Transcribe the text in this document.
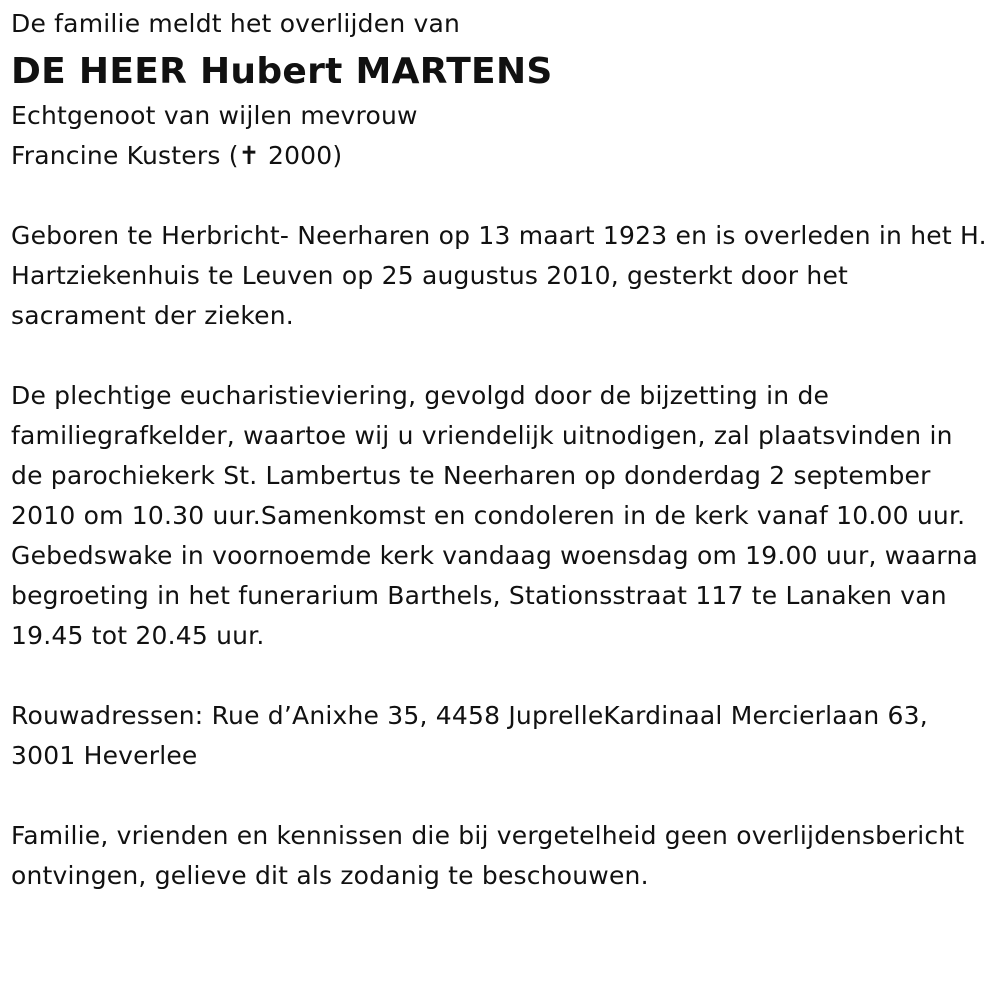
De familie meldt het overlijden van

DE HEER Hubert MARTENS

Echtgenoot van wijlen mevrouw

Francine Kusters (✝ 2000)

Geboren te Herbricht- Neerharen op 13 maart 1923 en is overleden in het H. Hartziekenhuis te Leuven op 25 augustus 2010, gesterkt door het sacrament der zieken.

De plechtige eucharistieviering, gevolgd door de bijzetting in de familiegrafkelder, waartoe wij u vriendelijk uitnodigen, zal plaatsvinden in de parochiekerk St. Lambertus te Neerharen op donderdag 2 september 2010 om 10.30 uur.Samenkomst en condoleren in de kerk vanaf 10.00 uur.

Gebedswake in voornoemde kerk vandaag woensdag om 19.00 uur, waarna begroeting in het funerarium Barthels, Stationsstraat 117 te Lanaken van 19.45 tot 20.45 uur.

Rouwadressen: Rue d’Anixhe 35, 4458 JuprelleKardinaal Mercierlaan 63, 3001 Heverlee

Familie, vrienden en kennissen die bij vergetelheid geen overlijdensbericht ontvingen, gelieve dit als zodanig te beschouwen.
